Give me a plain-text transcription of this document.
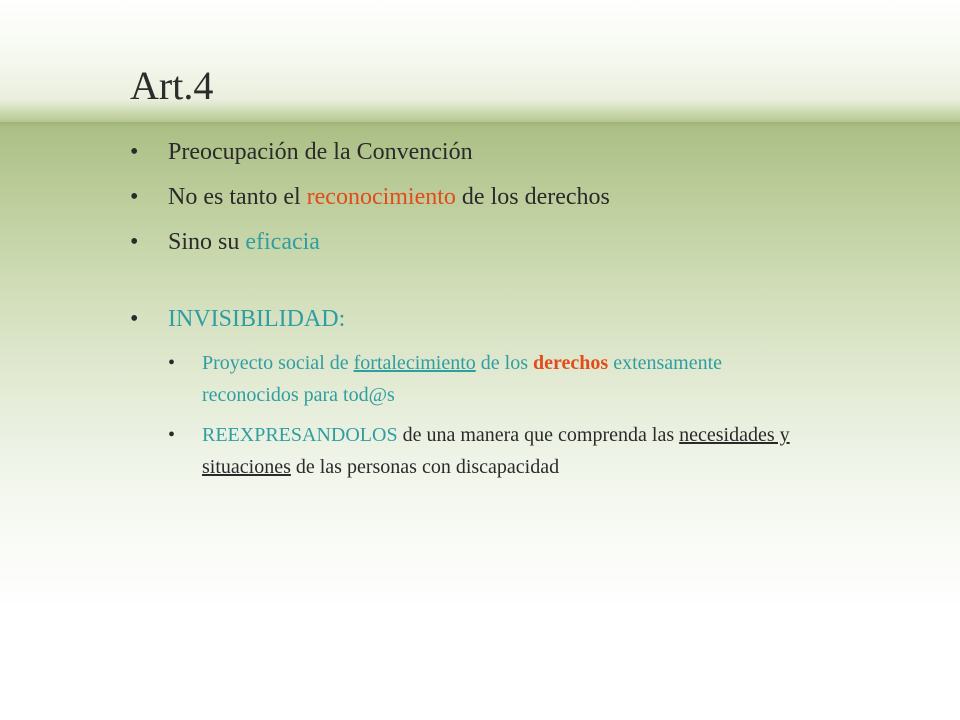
Art.4
• Preocupación de la Convención
• No es tanto el reconocimiento de los derechos
• Sino su eficacia
• INVISIBILIDAD:
• Proyecto social de fortalecimiento de los derechos extensamente reconocidos para tod@s
• REEXPRESANDOLOS de una manera que comprenda las necesidades y situaciones de las personas con discapacidad
